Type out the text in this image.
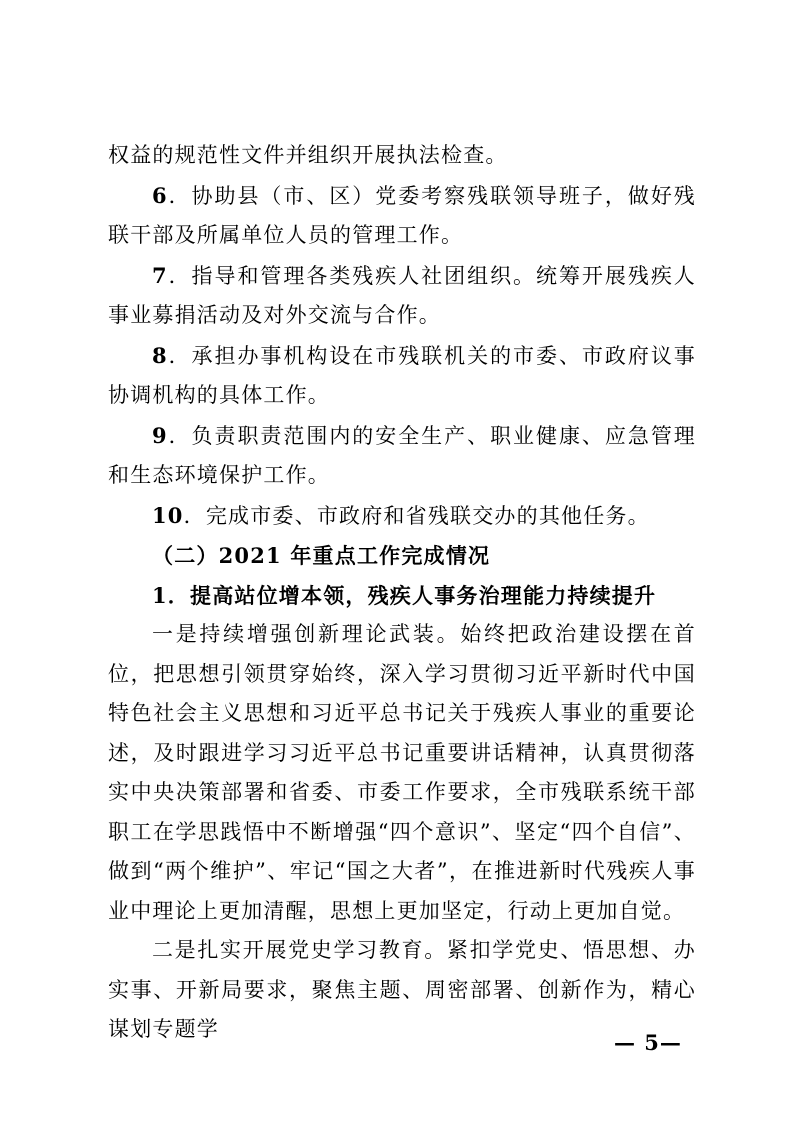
权益的规范性文件并组织开展执法检查。

6．协助县（市、区）党委考察残联领导班子，做好残联干部及所属单位人员的管理工作。

7．指导和管理各类残疾人社团组织。统筹开展残疾人事业募捐活动及对外交流与合作。

8．承担办事机构设在市残联机关的市委、市政府议事协调机构的具体工作。

9．负责职责范围内的安全生产、职业健康、应急管理和生态环境保护工作。

10．完成市委、市政府和省残联交办的其他任务。

（二）2021 年重点工作完成情况

1．提高站位增本领，残疾人事务治理能力持续提升

一是持续增强创新理论武装。始终把政治建设摆在首位，把思想引领贯穿始终，深入学习贯彻习近平新时代中国特色社会主义思想和习近平总书记关于残疾人事业的重要论述，及时跟进学习习近平总书记重要讲话精神，认真贯彻落实中央决策部署和省委、市委工作要求，全市残联系统干部职工在学思践悟中不断增强“四个意识”、坚定“四个自信”、做到“两个维护”、牢记“国之大者”，在推进新时代残疾人事业中理论上更加清醒，思想上更加坚定，行动上更加自觉。

二是扎实开展党史学习教育。紧扣学党史、悟思想、办实事、开新局要求，聚焦主题、周密部署、创新作为，精心谋划专题学

— 5—
